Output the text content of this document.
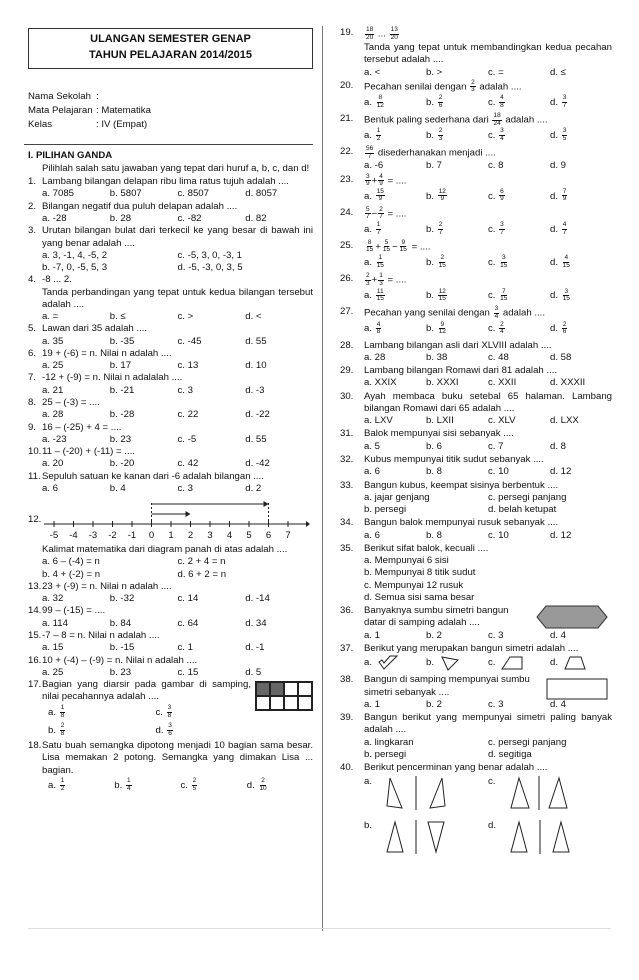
ULANGAN SEMESTER GENAP
TAHUN PELAJARAN 2014/2015
Nama Sekolah :
Mata Pelajaran : Matematika
Kelas	: IV (Empat)
I. PILIHAN GANDA
Pilihlah salah satu jawaban yang tepat dari huruf a, b, c, dan d!
1. Lambang bilangan delapan ribu lima ratus tujuh adalah ....
a. 7085	b. 5807	c. 8507	d. 8057
2. Bilangan negatif dua puluh delapan adalah ....
a. -28	b. 28	c. -82	d. 82
3. Urutan bilangan bulat dari terkecil ke yang besar di bawah ini yang benar adalah ....
a. 3, -1, 4, -5, 2	c. -5, 3, 0, -3, 1
b. -7, 0, -5, 5, 3	d. -5, -3, 0, 3, 5
4. -8 ... 2.
Tanda perbandingan yang tepat untuk kedua bilangan tersebut adalah ....
a. =	b. ≤	c. >	d. <
5. Lawan dari 35 adalah ....
a. 35	b. -35	c. -45	d. 55
6. 19 + (-6) = n. Nilai n adalah ....
a. 25	b. 17	c. 13	d. 10
7. -12 + (-9) = n. Nilai n adalalah ....
a. 21	b. -21	c. 3	d. -3
8. 25 – (-3) = ....
a. 28	b. -28	c. 22	d. -22
9. 16 – (-25) + 4 = ....
a. -23	b. 23	c. -5	d. 55
10. 11 – (-20) + (-11) = ....
a. 20	b. -20	c. 42	d. -42
11. Sepuluh satuan ke kanan dari -6 adalah bilangan ....
a. 6	b. 4	c. 3	d. 2
12.
-5 -4 -3 -2 -1 0 1 2 3 4 5 6 7
Kalimat matematika dari diagram panah di atas adalah ....
a. 6 – (-4) = n	c. 2 + 4 = n
b. 4 + (-2) = n	d. 6 + 2 = n
13. 23 + (-9) = n. Nilai n adalah ....
a. 32	b. -32	c. 14	d. -14
14. 99 – (-15) = ....
a. 114	b. 84	c. 64	d. 34
15. -7 – 8 = n. Nilai n adalah ....
a. 15	b. -15	c. 1	d. -1
16. 10 + (-4) – (-9) = n. Nilai n adalah ....
a. 25	b. 23	c. 15	d. 5
17. Bagian yang diarsir pada gambar di samping, nilai pecahannya adalah ....
a. $\frac{1}{8}$	c. $\frac{3}{8}$
b. $\frac{2}{8}$	d. $\frac{3}{6}$
18. Satu buah semangka dipotong menjadi 10 bagian sama besar. Lisa memakan 2 potong. Semangka yang dimakan Lisa ... bagian.
a. $\frac{1}{2}$	b. $\frac{1}{4}$	c. $\frac{2}{5}$	d. $\frac{2}{10}$
19.	$\frac{18}{20}$ ... $\frac{13}{20}$
Tanda yang tepat untuk membandingkan kedua pecahan tersebut adalah ....
a. <	b. >	c. =	d. ≤
20.	Pecahan senilai dengan $\frac{2}{3}$ adalah ....
a. $\frac{8}{12}$	b. $\frac{2}{6}$	c. $\frac{4}{8}$	d. $\frac{3}{7}$
21.	Bentuk paling sederhana dari $\frac{18}{24}$ adalah ....
a. $\frac{1}{2}$	b. $\frac{2}{3}$	c. $\frac{3}{4}$	d. $\frac{3}{5}$
22.	$\frac{56}{7}$ disederhanakan menjadi ....
a. -6	b. 7	c. 8	d. 9
23.	$\frac{3}{9} + \frac{4}{9}$ = ....
a. $\frac{15}{9}$	b. $\frac{12}{9}$	c. $\frac{6}{9}$	d. $\frac{7}{9}$
24.	$\frac{5}{7} - \frac{2}{7}$ = ....
a. $\frac{1}{7}$	b. $\frac{2}{7}$	c. $\frac{3}{7}$	d. $\frac{4}{7}$
25.	$\frac{8}{15} + \frac{5}{15} - \frac{9}{15}$ = ....
a. $\frac{1}{15}$	b. $\frac{2}{15}$	c. $\frac{3}{15}$	d. $\frac{4}{15}$
26.	$\frac{2}{3} + \frac{1}{3}$ = ....
a. $\frac{11}{15}$	b. $\frac{12}{15}$	c. $\frac{7}{15}$	d. $\frac{3}{15}$
27.	Pecahan yang senilai dengan $\frac{3}{4}$ adalah ....
a. $\frac{4}{8}$	b. $\frac{9}{12}$	c. $\frac{2}{4}$	d. $\frac{2}{6}$
28.	Lambang bilangan asli dari XLVIII adalah ....
a. 28	b. 38	c. 48	d. 58
29.	Lambang bilangan Romawi dari 81 adalah ....
a. XXIX	b. XXXI	c. XXII	d. XXXII
30.	Ayah membaca buku setebal 65 halaman. Lambang bilangan Romawi dari 65 adalah ....
a. LXV	b. LXII	c. XLV	d. LXX
31.	Balok mempunyai sisi sebanyak ....
a. 5	b. 6	c. 7	d. 8
32.	Kubus mempunyai titik sudut sebanyak ....
a. 6	b. 8	c. 10	d. 12
33.	Bangun kubus, keempat sisinya berbentuk ....
a. jajar genjang	c. persegi panjang
b. persegi	d. belah ketupat
34.	Bangun balok mempunyai rusuk sebanyak ....
a. 6	b. 8	c. 10	d. 12
35.	Berikut sifat balok, kecuali ....
a. Mempunyai 6 sisi
b. Mempunyai 8 titik sudut
c. Mempunyai 12 rusuk
d. Semua sisi sama besar
36.	Banyaknya sumbu simetri bangun datar di samping adalah ....
a. 1	b. 2	c. 3	d. 4
37.	Berikut yang merupakan bangun simetri adalah ....
a.	b.	c.	d.
38.	Bangun di samping mempunyai sumbu simetri sebanyak ....
a. 1	b. 2	c. 3	d. 4
39.	Bangun berikut yang mempunyai simetri paling banyak adalah ....
a. lingkaran	c. persegi panjang
b. persegi	d. segitiga
40.	Berikut pencerminan yang benar adalah ....
a.	c.
b.	d.
